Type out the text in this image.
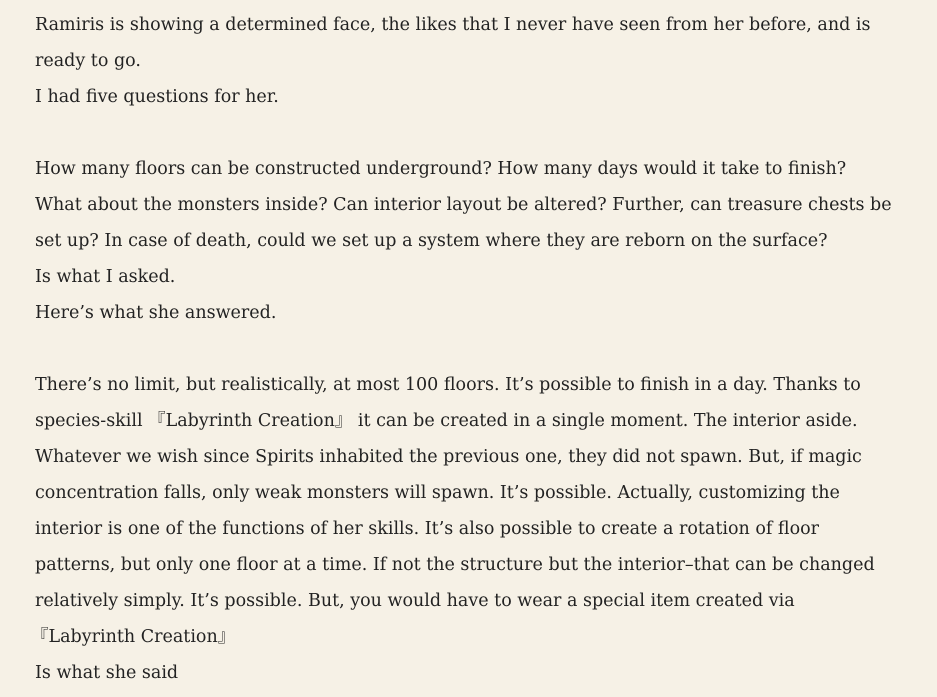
Ramiris is showing a determined face, the likes that I never have seen from her before, and is

ready to go.

I had five questions for her.

How many floors can be constructed underground? How many days would it take to finish?

What about the monsters inside? Can interior layout be altered? Further, can treasure chests be

set up? In case of death, could we set up a system where they are reborn on the surface?

Is what I asked.

Here’s what she answered.

There’s no limit, but realistically, at most 100 floors. It’s possible to finish in a day. Thanks to

species-skill 『Labyrinth Creation』 it can be created in a single moment. The interior aside.

Whatever we wish since Spirits inhabited the previous one, they did not spawn. But, if magic

concentration falls, only weak monsters will spawn. It’s possible. Actually, customizing the

interior is one of the functions of her skills. It’s also possible to create a rotation of floor

patterns, but only one floor at a time. If not the structure but the interior–that can be changed

relatively simply. It’s possible. But, you would have to wear a special item created via

『Labyrinth Creation』

Is what she said
